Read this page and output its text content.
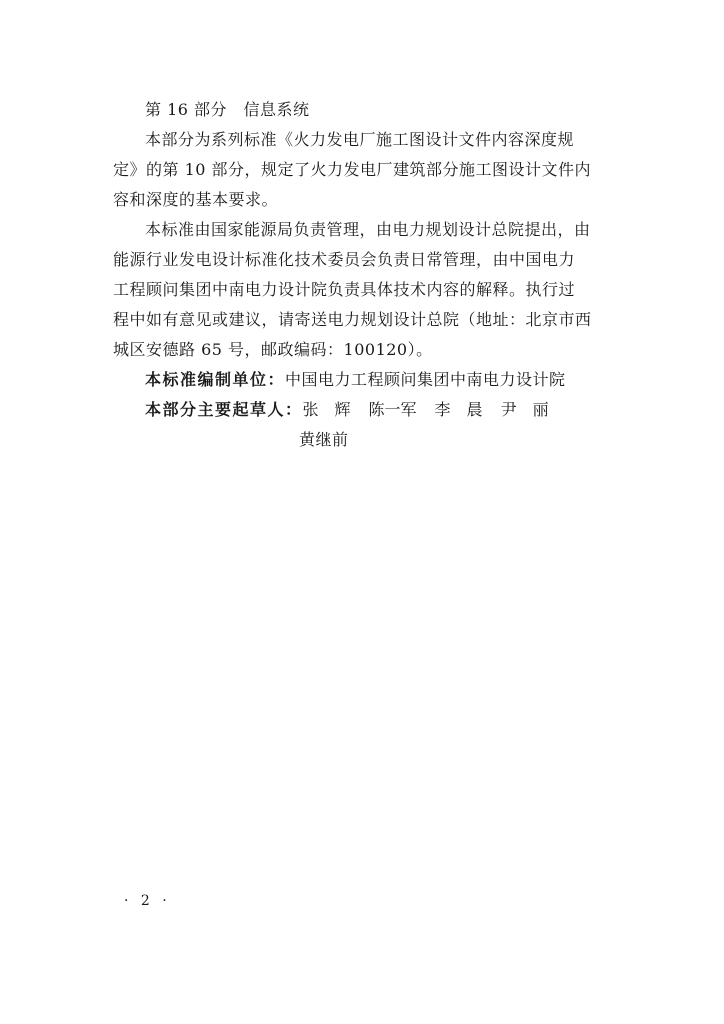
第 16 部分　信息系统
本部分为系列标准《火力发电厂施工图设计文件内容深度规
定》的第 10 部分，规定了火力发电厂建筑部分施工图设计文件内
容和深度的基本要求。
本标准由国家能源局负责管理，由电力规划设计总院提出，由
能源行业发电设计标准化技术委员会负责日常管理，由中国电力
工程顾问集团中南电力设计院负责具体技术内容的解释。执行过
程中如有意见或建议，请寄送电力规划设计总院（地址：北京市西
城区安德路 65 号，邮政编码：100120）。
本标准编制单位：中国电力工程顾问集团中南电力设计院
本部分主要起草人：张　辉 陈一军 李　晨 尹　丽
黄继前
· 2 ·
